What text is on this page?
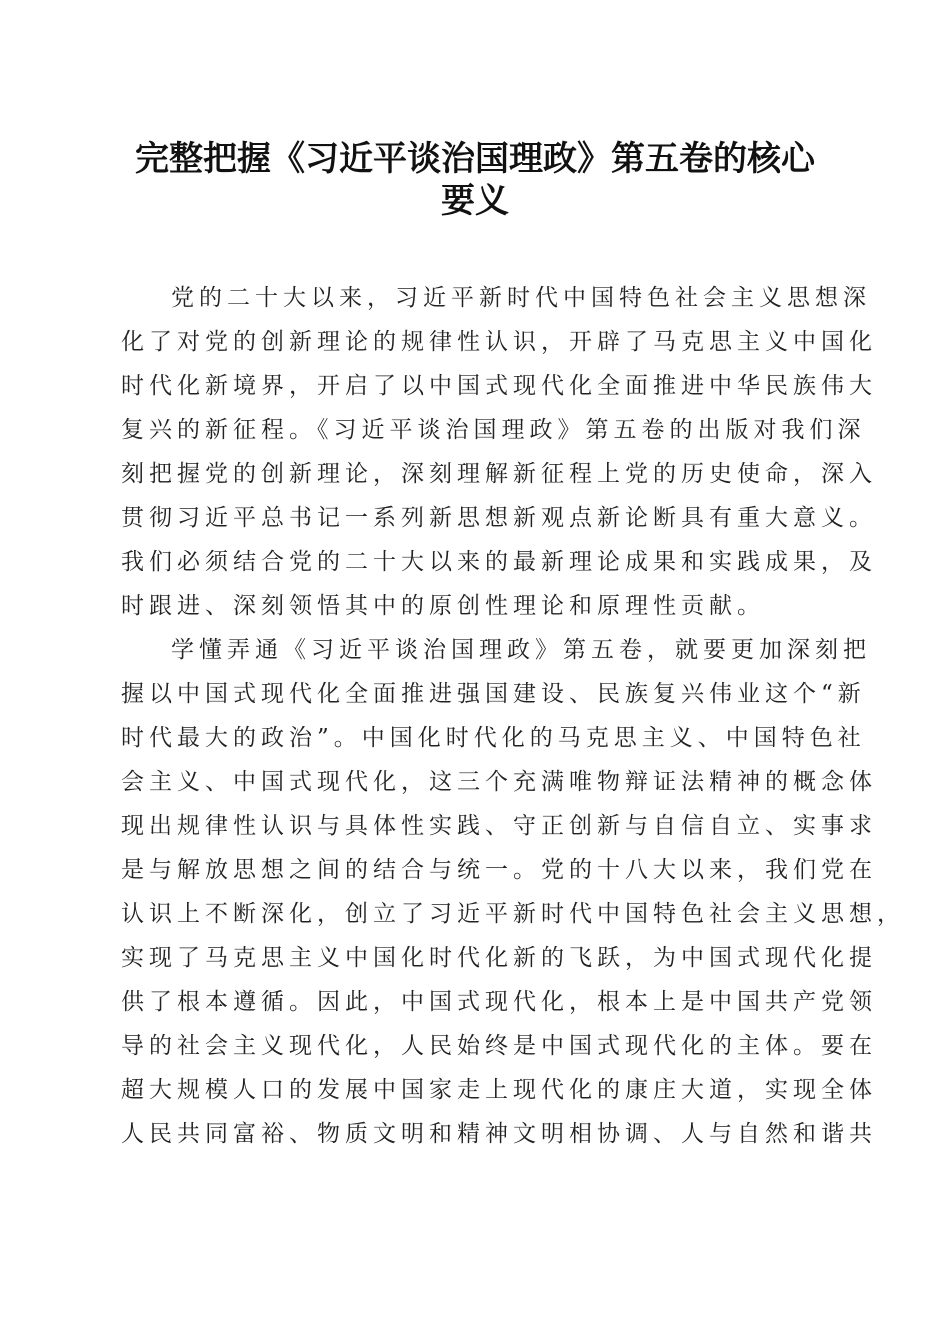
完整把握《习近平谈治国理政》第五卷的核心
要义

党的二十大以来，习近平新时代中国特色社会主义思想深
化了对党的创新理论的规律性认识，开辟了马克思主义中国化
时代化新境界，开启了以中国式现代化全面推进中华民族伟大
复兴的新征程。《习近平谈治国理政》第五卷的出版对我们深
刻把握党的创新理论，深刻理解新征程上党的历史使命，深入
贯彻习近平总书记一系列新思想新观点新论断具有重大意义。
我们必须结合党的二十大以来的最新理论成果和实践成果，及
时跟进、深刻领悟其中的原创性理论和原理性贡献。

学懂弄通《习近平谈治国理政》第五卷，就要更加深刻把
握以中国式现代化全面推进强国建设、民族复兴伟业这个“新
时代最大的政治”。中国化时代化的马克思主义、中国特色社
会主义、中国式现代化，这三个充满唯物辩证法精神的概念体
现出规律性认识与具体性实践、守正创新与自信自立、实事求
是与解放思想之间的结合与统一。党的十八大以来，我们党在
认识上不断深化，创立了习近平新时代中国特色社会主义思想，
实现了马克思主义中国化时代化新的飞跃，为中国式现代化提
供了根本遵循。因此，中国式现代化，根本上是中国共产党领
导的社会主义现代化，人民始终是中国式现代化的主体。要在
超大规模人口的发展中国家走上现代化的康庄大道，实现全体
人民共同富裕、物质文明和精神文明相协调、人与自然和谐共
